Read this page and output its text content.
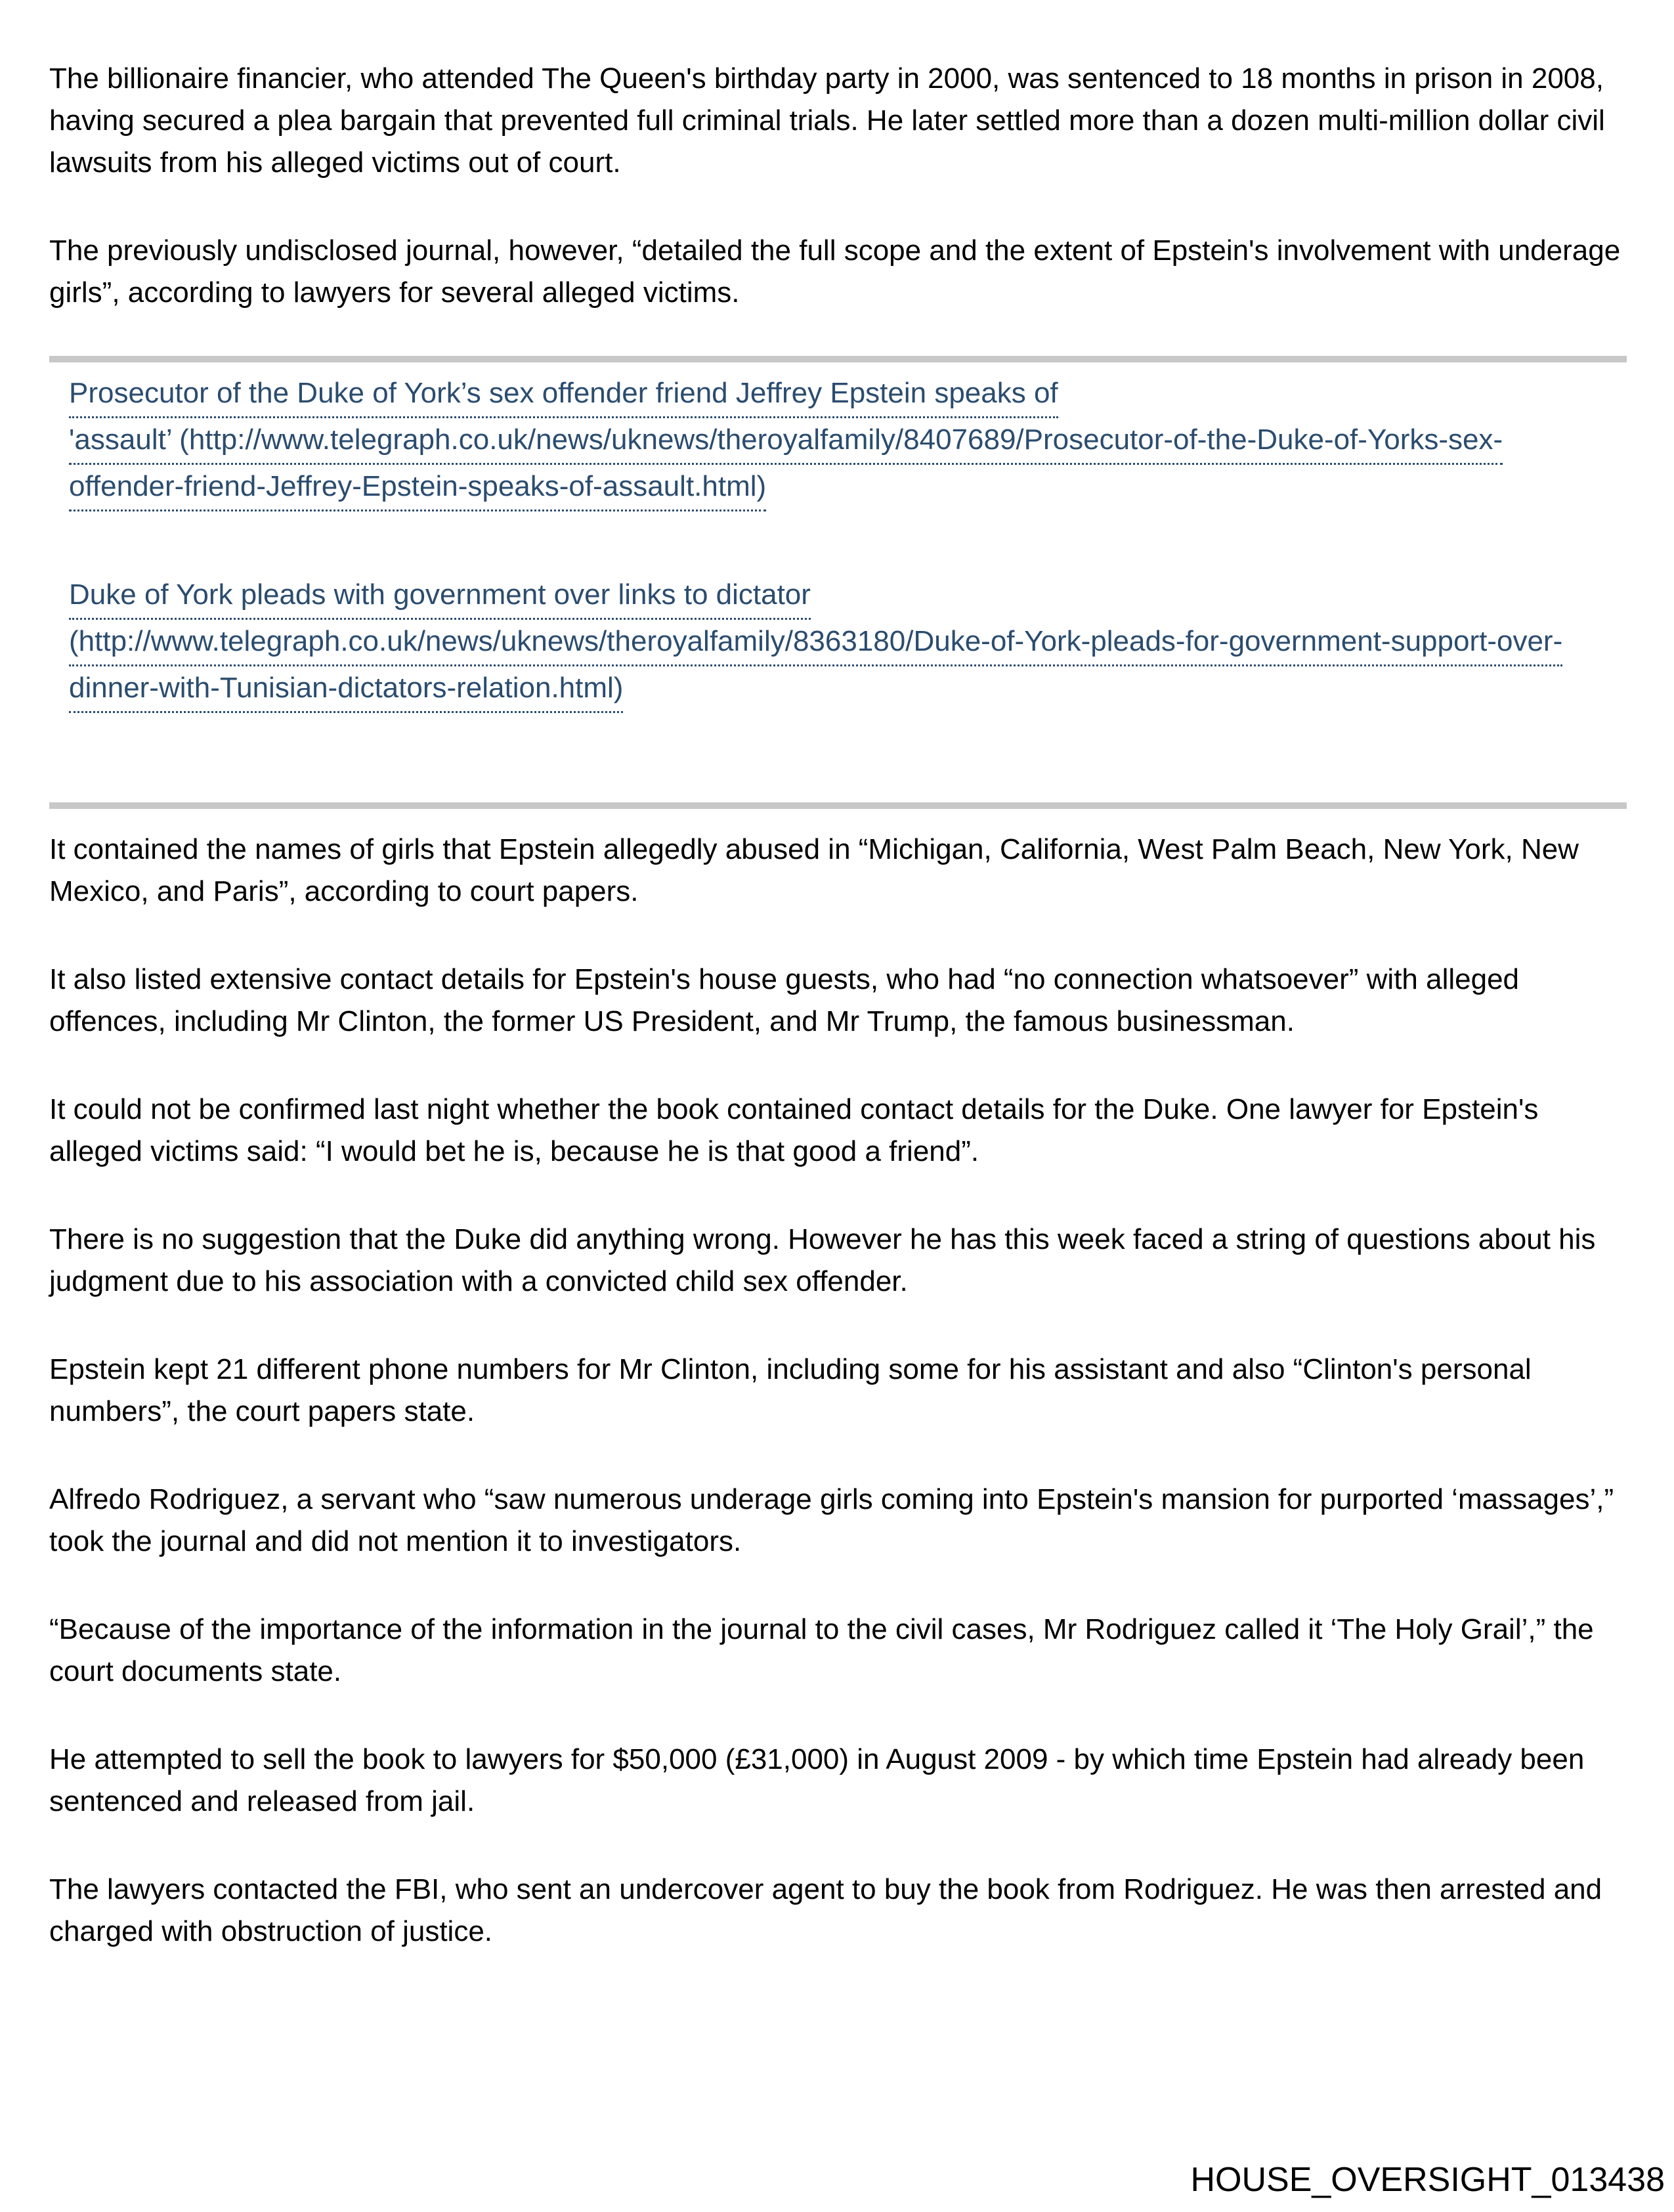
The billionaire financier, who attended The Queen's birthday party in 2000, was sentenced to 18 months in prison in 2008, having secured a plea bargain that prevented full criminal trials. He later settled more than a dozen multi-million dollar civil lawsuits from his alleged victims out of court.

The previously undisclosed journal, however, “detailed the full scope and the extent of Epstein's involvement with underage girls”, according to lawyers for several alleged victims.

Prosecutor of the Duke of York’s sex offender friend Jeffrey Epstein speaks of
'assault’ (http://www.telegraph.co.uk/news/uknews/theroyalfamily/8407689/Prosecutor-of-the-Duke-of-Yorks-sex-
offender-friend-Jeffrey-Epstein-speaks-of-assault.html)
Duke of York pleads with government over links to dictator
(http://www.telegraph.co.uk/news/uknews/theroyalfamily/8363180/Duke-of-York-pleads-for-government-support-over-
dinner-with-Tunisian-dictators-relation.html)

It contained the names of girls that Epstein allegedly abused in “Michigan, California, West Palm Beach, New York, New Mexico, and Paris”, according to court papers.

It also listed extensive contact details for Epstein's house guests, who had “no connection whatsoever” with alleged offences, including Mr Clinton, the former US President, and Mr Trump, the famous businessman.

It could not be confirmed last night whether the book contained contact details for the Duke. One lawyer for Epstein's alleged victims said: “I would bet he is, because he is that good a friend”.

There is no suggestion that the Duke did anything wrong. However he has this week faced a string of questions about his judgment due to his association with a convicted child sex offender.

Epstein kept 21 different phone numbers for Mr Clinton, including some for his assistant and also “Clinton's personal numbers”, the court papers state.

Alfredo Rodriguez, a servant who “saw numerous underage girls coming into Epstein's mansion for purported ‘massages’,” took the journal and did not mention it to investigators.

“Because of the importance of the information in the journal to the civil cases, Mr Rodriguez called it ‘The Holy Grail’,” the court documents state.

He attempted to sell the book to lawyers for $50,000 (£31,000) in August 2009 - by which time Epstein had already been sentenced and released from jail.

The lawyers contacted the FBI, who sent an undercover agent to buy the book from Rodriguez. He was then arrested and charged with obstruction of justice.

HOUSE_OVERSIGHT_013438
